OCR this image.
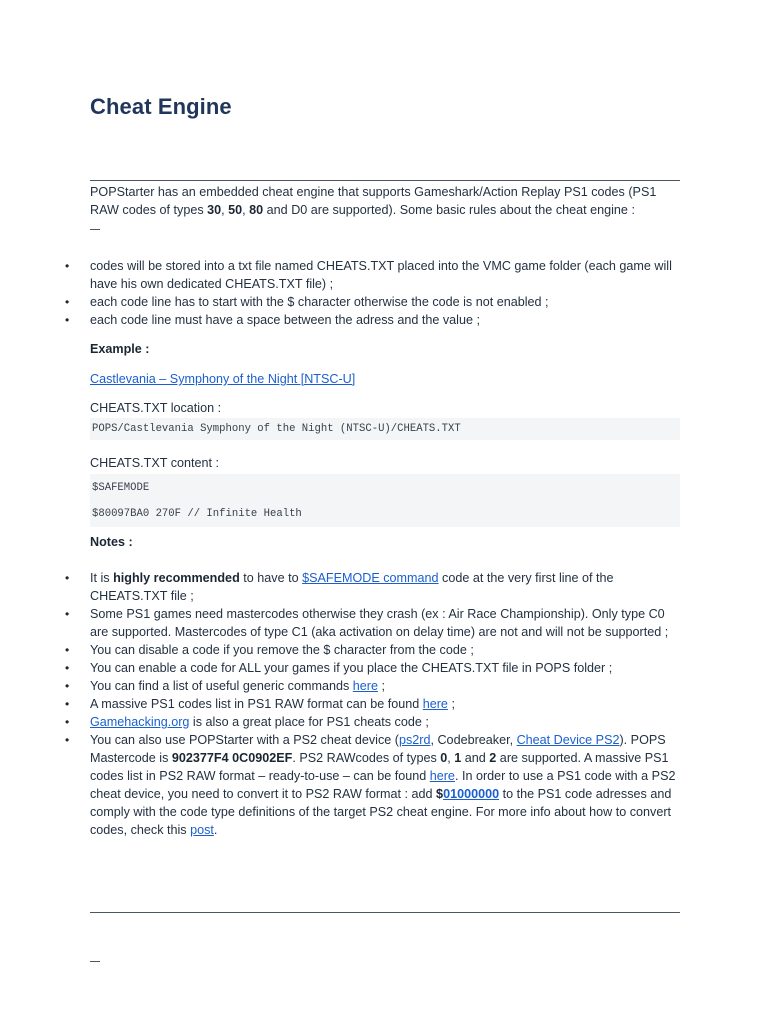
Cheat Engine

POPStarter has an embedded cheat engine that supports Gameshark/Action Replay PS1 codes (PS1 RAW codes of types 30, 50, 80 and D0 are supported). Some basic rules about the cheat engine :
• codes will be stored into a txt file named CHEATS.TXT placed into the VMC game folder (each game will have his own dedicated CHEATS.TXT file) ;
• each code line has to start with the $ character otherwise the code is not enabled ;
• each code line must have a space between the adress and the value ;
Example :
Castlevania – Symphony of the Night [NTSC-U]
CHEATS.TXT location :
POPS/Castlevania Symphony of the Night (NTSC-U)/CHEATS.TXT
CHEATS.TXT content :
$SAFEMODE
$80097BA0 270F // Infinite Health
Notes :
• It is highly recommended to have to $SAFEMODE command code at the very first line of the CHEATS.TXT file ;
• Some PS1 games need mastercodes otherwise they crash (ex : Air Race Championship). Only type C0 are supported. Mastercodes of type C1 (aka activation on delay time) are not and will not be supported ;
• You can disable a code if you remove the $ character from the code ;
• You can enable a code for ALL your games if you place the CHEATS.TXT file in POPS folder ;
• You can find a list of useful generic commands here ;
• A massive PS1 codes list in PS1 RAW format can be found here ;
• Gamehacking.org is also a great place for PS1 cheats code ;
• You can also use POPStarter with a PS2 cheat device (ps2rd, Codebreaker, Cheat Device PS2). POPS Mastercode is 902377F4 0C0902EF. PS2 RAWcodes of types 0, 1 and 2 are supported. A massive PS1 codes list in PS2 RAW format – ready-to-use – can be found here. In order to use a PS1 code with a PS2 cheat device, you need to convert it to PS2 RAW format : add $01000000 to the PS1 code adresses and comply with the code type definitions of the target PS2 cheat engine. For more info about how to convert codes, check this post.
